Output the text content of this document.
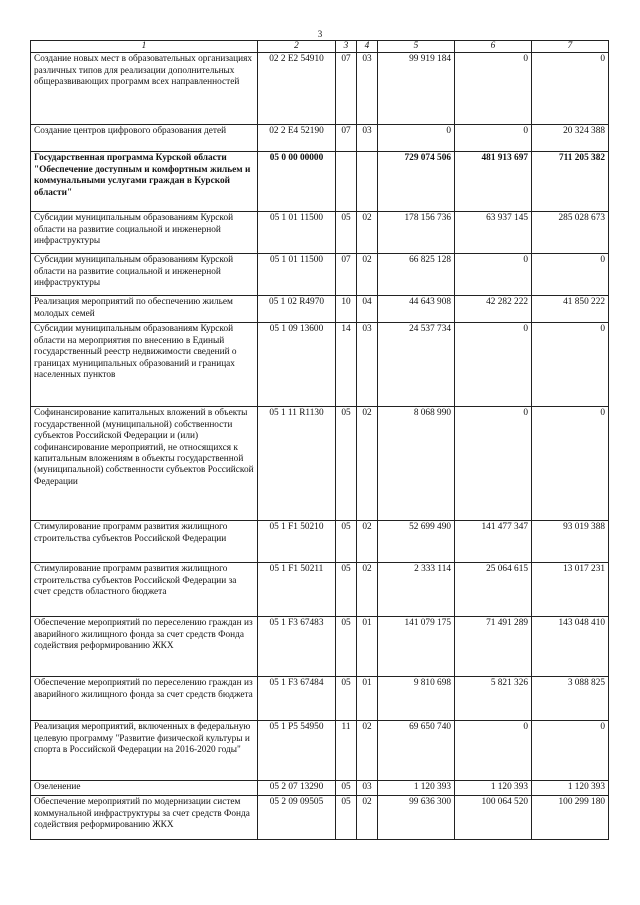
3
1	2	3	4	5	6	7
Создание новых мест в образовательных организациях различных типов для реализации дополнительных общеразвивающих программ всех направленностей	02 2 E2 54910	07	03	99 919 184	0	0
Создание центров цифрового образования детей	02 2 E4 52190	07	03	0	0	20 324 388
Государственная программа Курской области "Обеспечение доступным и комфортным жильем и коммунальными услугами граждан в Курской области"	05 0 00 00000			729 074 506	481 913 697	711 205 382
Субсидии муниципальным образованиям Курской области на развитие социальной и инженерной инфраструктуры	05 1 01 11500	05	02	178 156 736	63 937 145	285 028 673
Субсидии муниципальным образованиям Курской области на развитие социальной и инженерной инфраструктуры	05 1 01 11500	07	02	66 825 128	0	0
Реализация мероприятий по обеспечению жильем молодых семей	05 1 02 R4970	10	04	44 643 908	42 282 222	41 850 222
Субсидии муниципальным образованиям Курской области на мероприятия по внесению в Единый государственный реестр недвижимости сведений о границах муниципальных образований и границах населенных пунктов	05 1 09 13600	14	03	24 537 734	0	0
Софинансирование капитальных вложений в объекты государственной (муниципальной) собственности субъектов Российской Федерации и (или) софинансирование мероприятий, не относящихся к капитальным вложениям в объекты государственной (муниципальной) собственности субъектов Российской Федерации	05 1 11 R1130	05	02	8 068 990	0	0
Стимулирование программ развития жилищного строительства субъектов Российской Федерации	05 1 F1 50210	05	02	52 699 490	141 477 347	93 019 388
Стимулирование программ развития жилищного строительства субъектов Российской Федерации за счет средств областного бюджета	05 1 F1 50211	05	02	2 333 114	25 064 615	13 017 231
Обеспечение мероприятий по переселению граждан из аварийного жилищного фонда за счет средств Фонда содействия реформированию ЖКХ	05 1 F3 67483	05	01	141 079 175	71 491 289	143 048 410
Обеспечение мероприятий по переселению граждан из аварийного жилищного фонда за счет средств бюджета	05 1 F3 67484	05	01	9 810 698	5 821 326	3 088 825
Реализация мероприятий, включенных в федеральную целевую программу "Развитие физической культуры и спорта в Российской Федерации на 2016-2020 годы"	05 1 P5 54950	11	02	69 650 740	0	0
Озеленение	05 2 07 13290	05	03	1 120 393	1 120 393	1 120 393
Обеспечение мероприятий по модернизации систем коммунальной инфраструктуры за счет средств Фонда содействия реформированию ЖКХ	05 2 09 09505	05	02	99 636 300	100 064 520	100 299 180
